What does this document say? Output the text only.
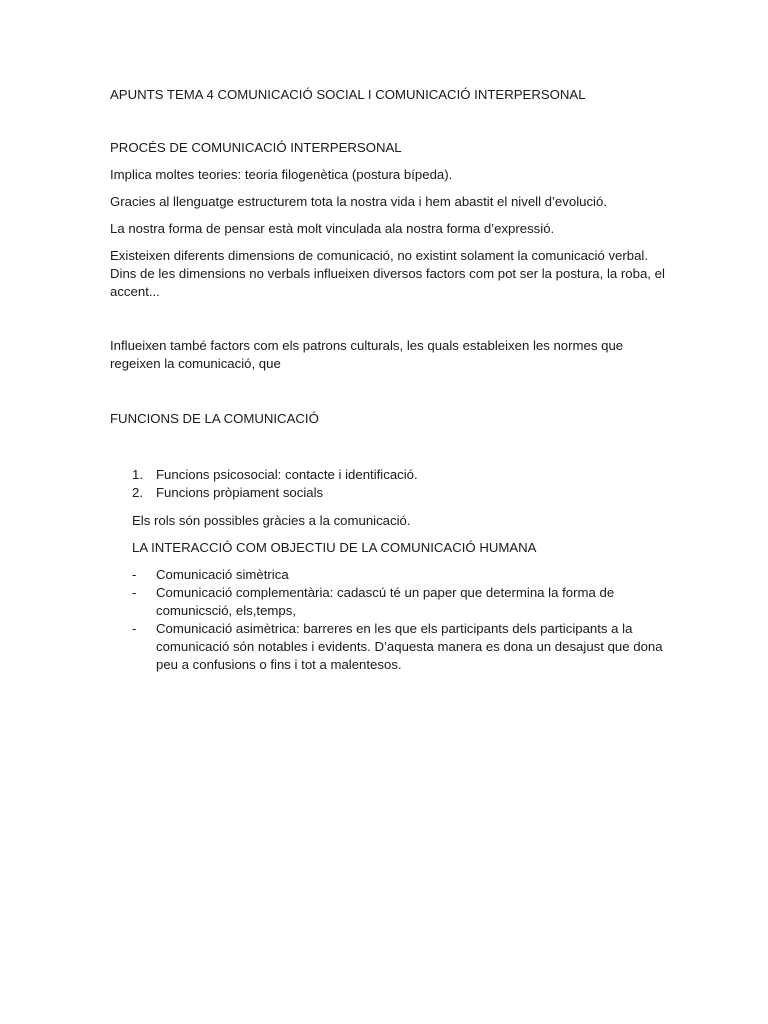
APUNTS TEMA 4 COMUNICACIÓ SOCIAL I COMUNICACIÓ INTERPERSONAL

PROCÉS DE COMUNICACIÓ INTERPERSONAL

Implica moltes teories: teoria filogenètica (postura bípeda).

Gracies al llenguatge estructurem tota la nostra vida i hem abastit el nivell d’evolució.

La nostra forma de pensar està molt vinculada ala nostra forma d’expressió.

Existeixen diferents dimensions de comunicació, no existint solament la comunicació verbal. Dins de les dimensions no verbals influeixen diversos factors com pot ser la postura, la roba, el accent...

Influeixen també factors com els patrons culturals, les quals estableixen les normes que regeixen la comunicació, que

FUNCIONS DE LA COMUNICACIÓ

1. Funcions psicosocial: contacte i identificació.
2. Funcions pròpiament socials

Els rols són possibles gràcies a la comunicació.

LA INTERACCIÓ COM OBJECTIU DE LA COMUNICACIÓ HUMANA

- Comunicació simètrica
- Comunicació complementària: cadascú té un paper que determina la forma de comunicsció, els,temps,
- Comunicació asimètrica: barreres en les que els participants dels participants a la comunicació són notables i evidents. D’aquesta manera es dona un desajust que dona peu a confusions o fins i tot a malentesos.
